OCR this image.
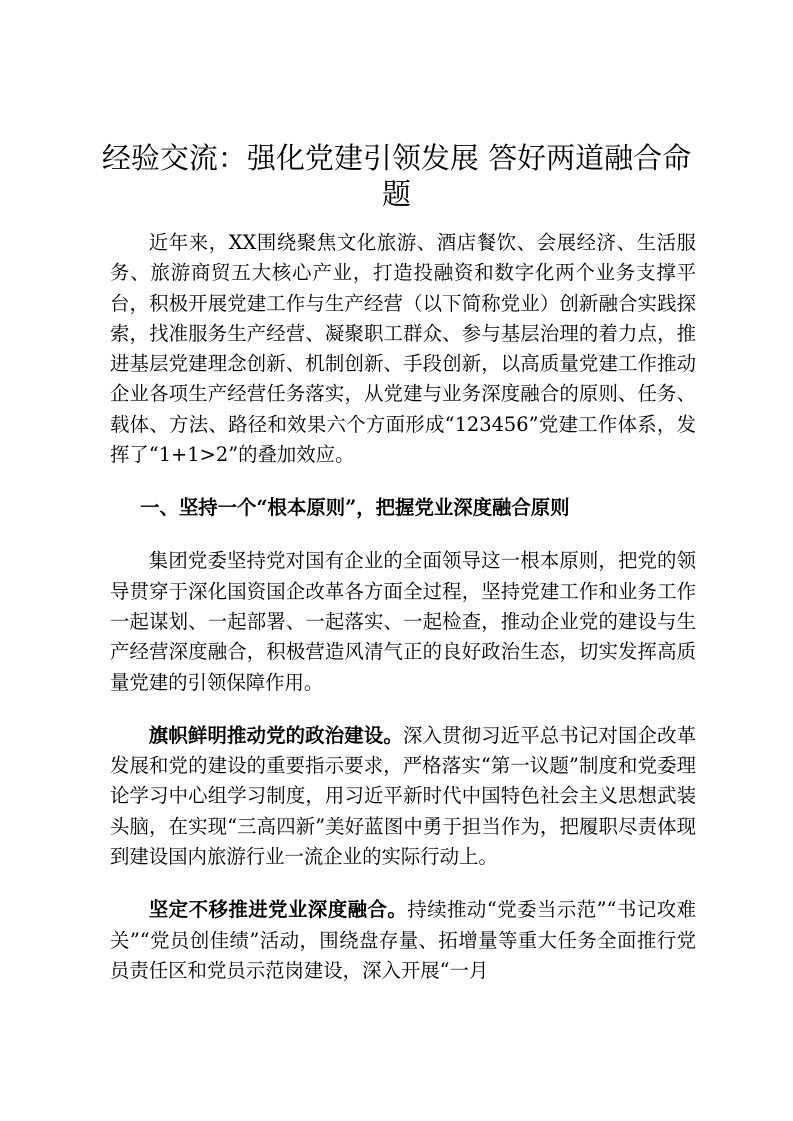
经验交流：强化党建引领发展 答好两道融合命题

近年来，XX围绕聚焦文化旅游、酒店餐饮、会展经济、生活服务、旅游商贸五大核心产业，打造投融资和数字化两个业务支撑平台，积极开展党建工作与生产经营（以下简称党业）创新融合实践探索，找准服务生产经营、凝聚职工群众、参与基层治理的着力点，推进基层党建理念创新、机制创新、手段创新，以高质量党建工作推动企业各项生产经营任务落实，从党建与业务深度融合的原则、任务、载体、方法、路径和效果六个方面形成“123456”党建工作体系，发挥了“1+1>2”的叠加效应。

一、坚持一个“根本原则”，把握党业深度融合原则

集团党委坚持党对国有企业的全面领导这一根本原则，把党的领导贯穿于深化国资国企改革各方面全过程，坚持党建工作和业务工作一起谋划、一起部署、一起落实、一起检查，推动企业党的建设与生产经营深度融合，积极营造风清气正的良好政治生态，切实发挥高质量党建的引领保障作用。

旗帜鲜明推动党的政治建设。深入贯彻习近平总书记对国企改革发展和党的建设的重要指示要求，严格落实“第一议题”制度和党委理论学习中心组学习制度，用习近平新时代中国特色社会主义思想武装头脑，在实现“三高四新”美好蓝图中勇于担当作为，把履职尽责体现到建设国内旅游行业一流企业的实际行动上。

坚定不移推进党业深度融合。持续推动“党委当示范”“书记攻难关”“党员创佳绩”活动，围绕盘存量、拓增量等重大任务全面推行党员责任区和党员示范岗建设，深入开展“一月
